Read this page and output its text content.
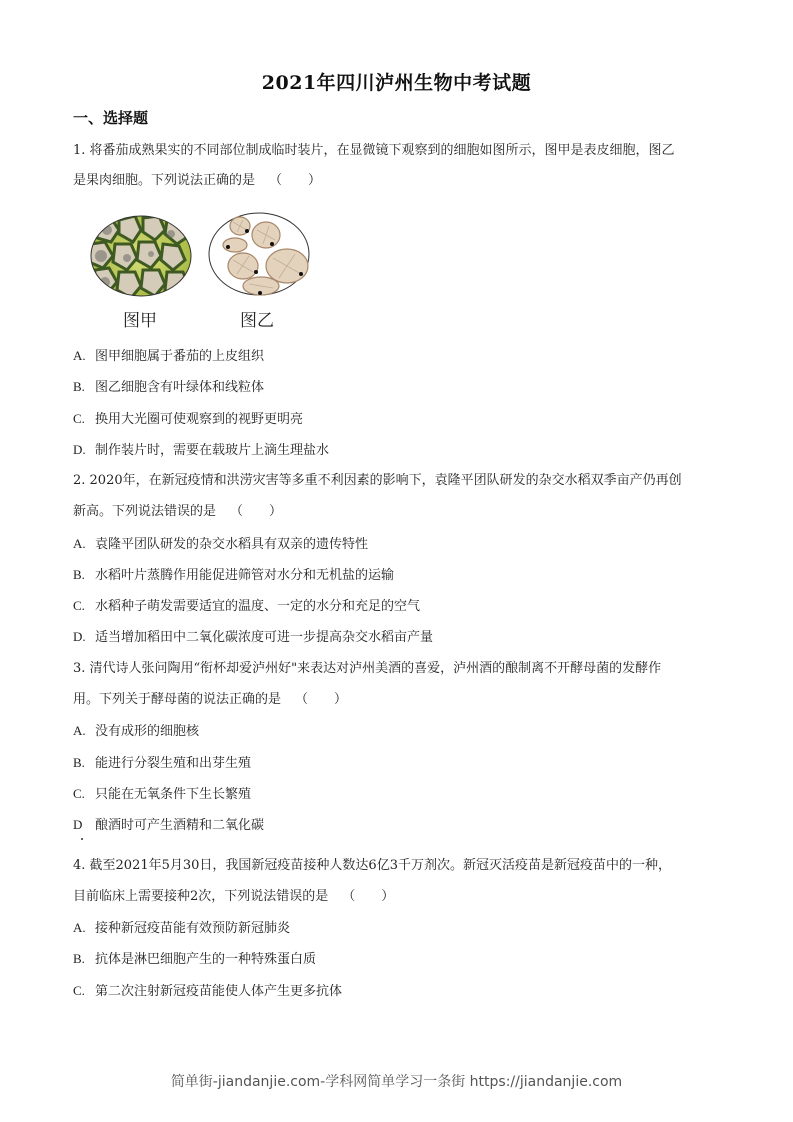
2021年四川泸州生物中考试题
一、选择题
1. 将番茄成熟果实的不同部位制成临时装片，在显微镜下观察到的细胞如图所示，图甲是表皮细胞，图乙
是果肉细胞。下列说法正确的是 （　　）
图甲	图乙
A. 图甲细胞属于番茄的上皮组织
B. 图乙细胞含有叶绿体和线粒体
C. 换用大光圈可使观察到的视野更明亮
D. 制作装片时，需要在载玻片上滴生理盐水
2. 2020年，在新冠疫情和洪涝灾害等多重不利因素的影响下，袁隆平团队研发的杂交水稻双季亩产仍再创
新高。下列说法错误的是 （　　）
A. 袁隆平团队研发的杂交水稻具有双亲的遗传特性
B. 水稻叶片蒸腾作用能促进筛管对水分和无机盐的运输
C. 水稻种子萌发需要适宜的温度、一定的水分和充足的空气
D. 适当增加稻田中二氧化碳浓度可进一步提高杂交水稻亩产量
3. 清代诗人张问陶用“衔杯却爱泸州好"来表达对泸州美酒的喜爱，泸州酒的酿制离不开酵母菌的发酵作
用。下列关于酵母菌的说法正确的是 （　　）
A. 没有成形的细胞核
B. 能进行分裂生殖和出芽生殖
C. 只能在无氧条件下生长繁殖
D 酿酒时可产生酒精和二氧化碳
4. 截至2021年5月30日，我国新冠疫苗接种人数达6亿3千万剂次。新冠灭活疫苗是新冠疫苗中的一种，
目前临床上需要接种2次，下列说法错误的是 （　　）
A. 接种新冠疫苗能有效预防新冠肺炎
B. 抗体是淋巴细胞产生的一种特殊蛋白质
C. 第二次注射新冠疫苗能使人体产生更多抗体
简单街-jiandanjie.com-学科网简单学习一条街 https://jiandanjie.com
